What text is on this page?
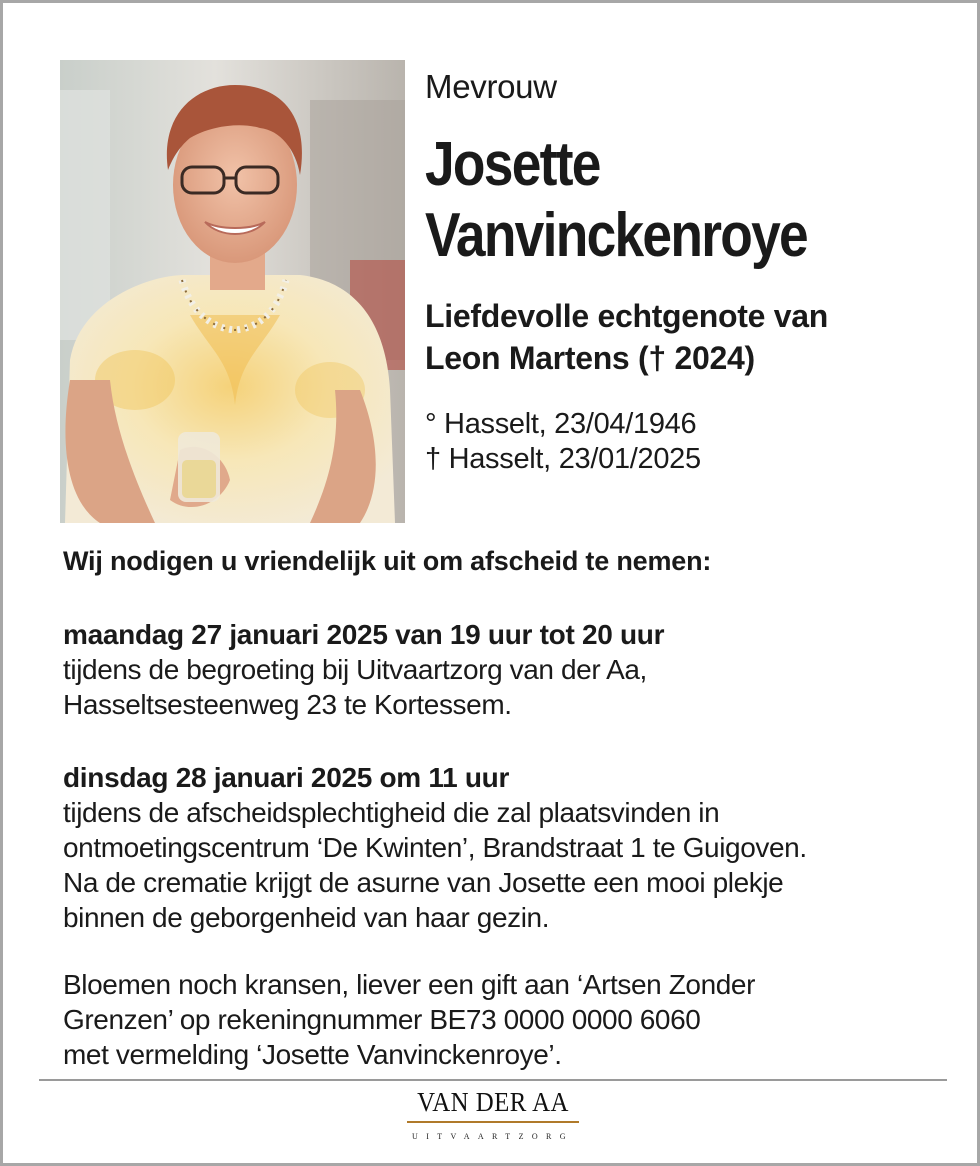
Mevrouw
Josette
Vanvinckenroye
Liefdevolle echtgenote van
Leon Martens († 2024)
° Hasselt, 23/04/1946
† Hasselt, 23/01/2025
Wij nodigen u vriendelijk uit om afscheid te nemen:
maandag 27 januari 2025 van 19 uur tot 20 uur
tijdens de begroeting bij Uitvaartzorg van der Aa,
Hasseltsesteenweg 23 te Kortessem.
dinsdag 28 januari 2025 om 11 uur
tijdens de afscheidsplechtigheid die zal plaatsvinden in
ontmoetingscentrum ‘De Kwinten’, Brandstraat 1 te Guigoven.
Na de crematie krijgt de asurne van Josette een mooi plekje
binnen de geborgenheid van haar gezin.
Bloemen noch kransen, liever een gift aan ‘Artsen Zonder
Grenzen’ op rekeningnummer BE73 0000 0000 6060
met vermelding ‘Josette Vanvinckenroye’.
VAN DER AA
UITVAARTZORG
